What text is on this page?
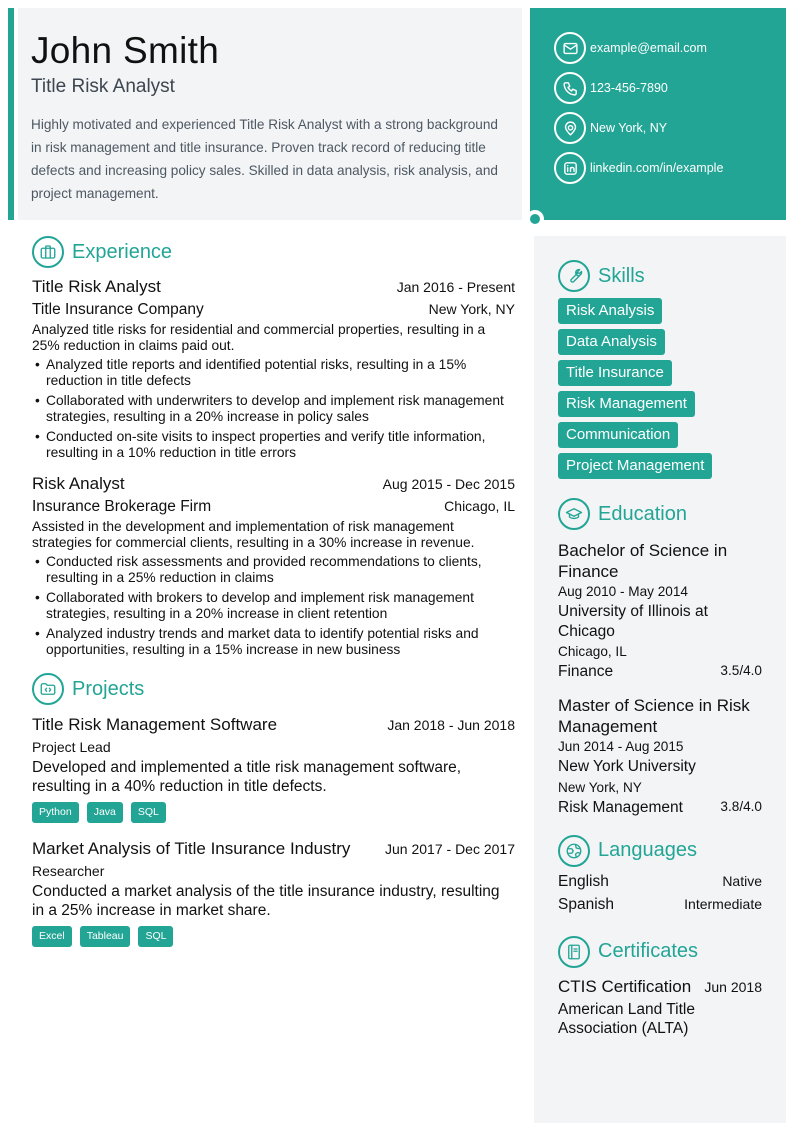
John Smith
Title Risk Analyst

Highly motivated and experienced Title Risk Analyst with a strong background in risk management and title insurance. Proven track record of reducing title defects and increasing policy sales. Skilled in data analysis, risk analysis, and project management.

example@email.com
123-456-7890
New York, NY
linkedin.com/in/example
Experience
Title Risk Analyst	Jan 2016 - Present
Title Insurance Company	New York, NY

Analyzed title risks for residential and commercial properties, resulting in a 25% reduction in claims paid out.

• Analyzed title reports and identified potential risks, resulting in a 15% reduction in title defects
• Collaborated with underwriters to develop and implement risk management strategies, resulting in a 20% increase in policy sales
• Conducted on-site visits to inspect properties and verify title information, resulting in a 10% reduction in title errors
Risk Analyst	Aug 2015 - Dec 2015
Insurance Brokerage Firm	Chicago, IL

Assisted in the development and implementation of risk management strategies for commercial clients, resulting in a 30% increase in revenue.

• Conducted risk assessments and provided recommendations to clients, resulting in a 25% reduction in claims
• Collaborated with brokers to develop and implement risk management strategies, resulting in a 20% increase in client retention
• Analyzed industry trends and market data to identify potential risks and opportunities, resulting in a 15% increase in new business
Projects
Title Risk Management Software	Jan 2018 - Jun 2018
Project Lead

Developed and implemented a title risk management software, resulting in a 40% reduction in title defects.

Python	Java	SQL
Market Analysis of Title Insurance Industry Jun 2017 - Dec 2017
Researcher

Conducted a market analysis of the title insurance industry, resulting in a 25% increase in market share.

Excel	Tableau	SQL
Skills
Risk Analysis
Data Analysis
Title Insurance
Risk Management
Communication
Project Management
Education
Bachelor of Science in Finance
Aug 2010 - May 2014
University of Illinois at Chicago
Chicago, IL
Finance	3.5/4.0
Master of Science in Risk Management
Jun 2014 - Aug 2015
New York University
New York, NY
Risk Management	3.8/4.0
Languages
English	Native
Spanish	Intermediate
Certificates
CTIS Certification Jun 2018
American Land Title Association (ALTA)
